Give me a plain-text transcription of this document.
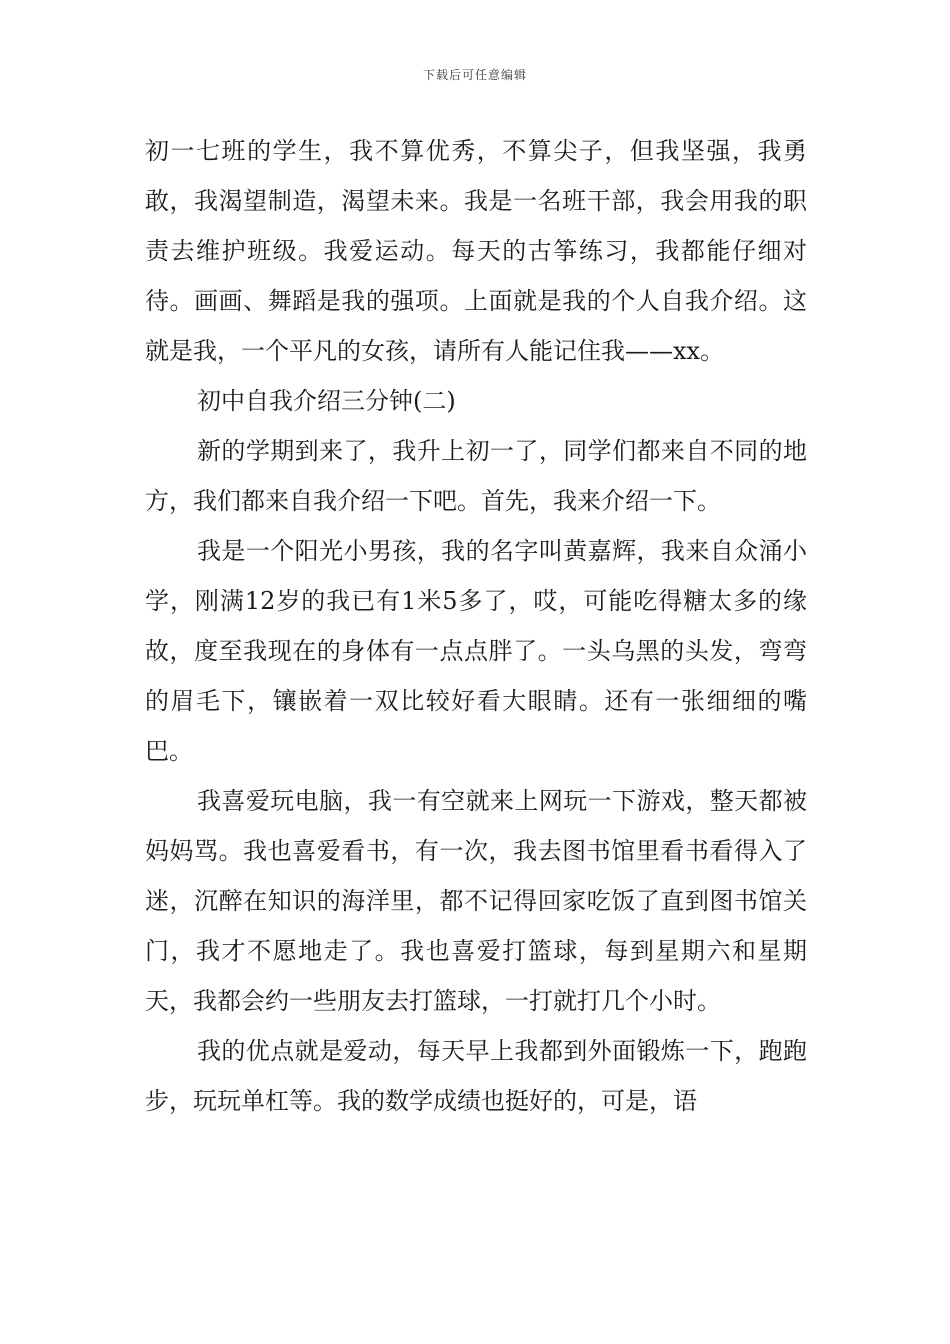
下载后可任意编辑

初一七班的学生，我不算优秀，不算尖子，但我坚强，我勇敢，我渴望制造，渴望未来。我是一名班干部，我会用我的职责去维护班级。我爱运动。每天的古筝练习，我都能仔细对待。画画、舞蹈是我的强项。上面就是我的个人自我介绍。这就是我，一个平凡的女孩，请所有人能记住我——xx。

初中自我介绍三分钟(二)

新的学期到来了，我升上初一了，同学们都来自不同的地方，我们都来自我介绍一下吧。首先，我来介绍一下。

我是一个阳光小男孩，我的名字叫黄嘉辉，我来自众涌小学，刚满12岁的我已有1米5多了，哎，可能吃得糖太多的缘故，度至我现在的身体有一点点胖了。一头乌黑的头发，弯弯的眉毛下，镶嵌着一双比较好看大眼睛。还有一张细细的嘴巴。

我喜爱玩电脑，我一有空就来上网玩一下游戏，整天都被妈妈骂。我也喜爱看书，有一次，我去图书馆里看书看得入了迷，沉醉在知识的海洋里，都不记得回家吃饭了直到图书馆关门，我才不愿地走了。我也喜爱打篮球，每到星期六和星期天，我都会约一些朋友去打篮球，一打就打几个小时。

我的优点就是爱动，每天早上我都到外面锻炼一下，跑跑步，玩玩单杠等。我的数学成绩也挺好的，可是，语
